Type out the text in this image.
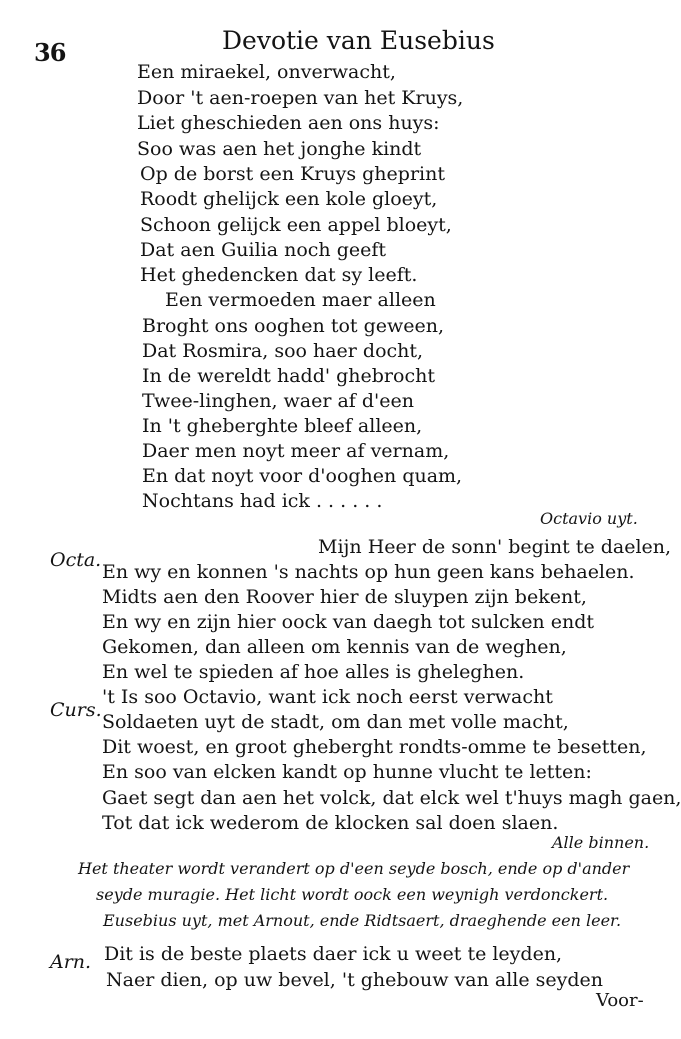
36	Devotie van Eusebius
Een miraekel, onverwacht,
Door 't aen-roepen van het Kruys,
Liet gheschieden aen ons huys:
Soo was aen het jonghe kindt
Op de borst een Kruys gheprint
Roodt ghelijck een kole gloeyt,
Schoon gelijck een appel bloeyt,
Dat aen Guilia noch geeft
Het ghedencken dat sy leeft.
Een vermoeden maer alleen
Broght ons ooghen tot geween,
Dat Rosmira, soo haer docht,
In de wereldt hadd' ghebrocht
Twee-linghen, waer af d'een
In 't gheberghte bleef alleen,
Daer men noyt meer af vernam,
En dat noyt voor d'ooghen quam,
Nochtans had ick . . . . . .
Octavio uyt.
Octa.
Mijn Heer de sonn' begint te daelen,
En wy en konnen 's nachts op hun geen kans behaelen.
Midts aen den Roover hier de sluypen zijn bekent,
En wy en zijn hier oock van daegh tot sulcken endt
Gekomen, dan alleen om kennis van de weghen,
En wel te spieden af hoe alles is gheleghen.
Curs.
't Is soo Octavio, want ick noch eerst verwacht
Soldaeten uyt de stadt, om dan met volle macht,
Dit woest, en groot gheberght rondts-omme te besetten,
En soo van elcken kandt op hunne vlucht te letten:
Gaet segt dan aen het volck, dat elck wel t'huys magh gaen,
Tot dat ick wederom de klocken sal doen slaen.
Alle binnen.
Het theater wordt verandert op d'een seyde bosch, ende op d'ander
seyde muragie. Het licht wordt oock een weynigh verdonckert.
Eusebius uyt, met Arnout, ende Ridtsaert, draeghende een leer.
Arn. Dit is de beste plaets daer ick u weet te leyden,
Naer dien, op uw bevel, 't ghebouw van alle seyden
Voor-
